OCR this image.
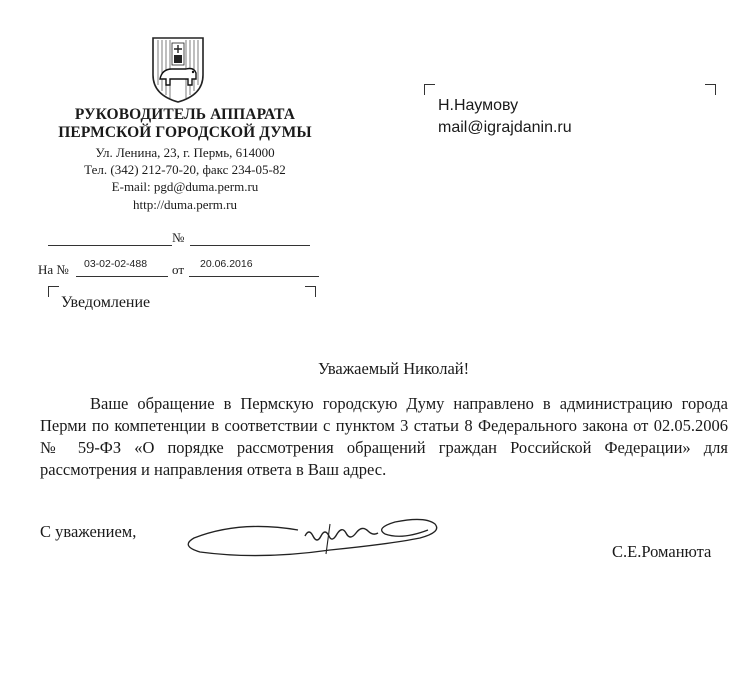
РУКОВОДИТЕЛЬ АППАРАТА
ПЕРМСКОЙ ГОРОДСКОЙ ДУМЫ
Ул. Ленина, 23, г. Пермь, 614000
Тел. (342) 212-70-20, факс 234-05-82
E-mail: pgd@duma.perm.ru
http://duma.perm.ru
№
На № 03-02-02-488 от 20.06.2016
Уведомление
Н.Наумову
mail@igrajdanin.ru
Уважаемый Николай!
Ваше обращение в Пермскую городскую Думу направлено в администрацию города Перми по компетенции в соответствии с пунктом 3 статьи 8 Федерального закона от 02.05.2006 № 59-ФЗ «О порядке рассмотрения обращений граждан Российской Федерации» для рассмотрения и направления ответа в Ваш адрес.
С уважением,
С.Е.Романюта
